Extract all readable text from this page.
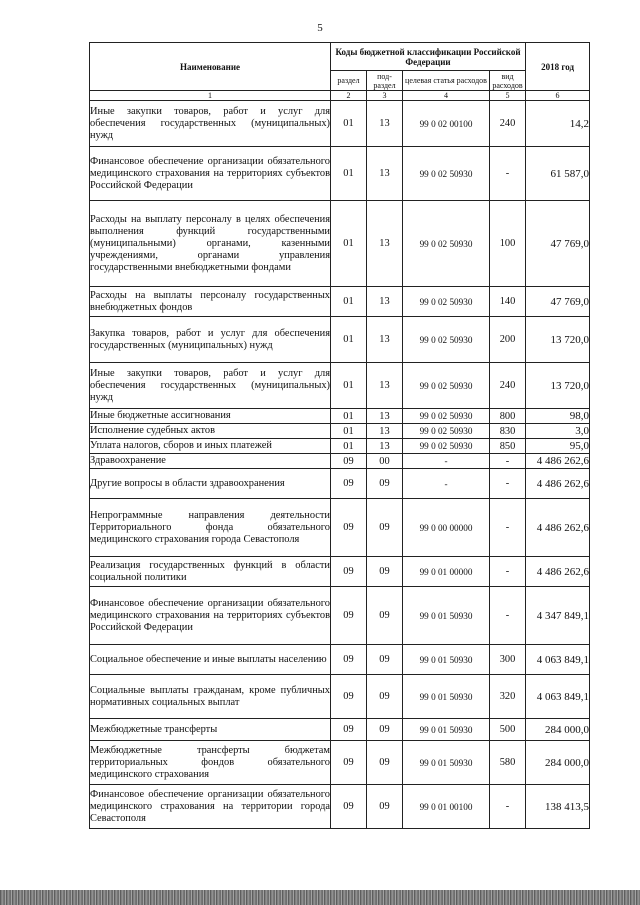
5
Наименование	Коды бюджетной классификации Российской Федерации				2018 год
	раздел	под-раздел	целевая статья расходов	вид расходов	
1	2	3	4	5	6
Иные закупки товаров, работ и услуг для обеспечения государственных (муниципальных) нужд	01	13	99 0 02 00100	240	14,2
Финансовое обеспечение организации обязательного медицинского страхования на территориях субъектов Российской Федерации	01	13	99 0 02 50930	-	61 587,0
Расходы на выплату персоналу в целях обеспечения выполнения функций государственными (муниципальными) органами, казенными учреждениями, органами управления государственными внебюджетными фондами	01	13	99 0 02 50930	100	47 769,0
Расходы на выплаты персоналу государственных внебюджетных фондов	01	13	99 0 02 50930	140	47 769,0
Закупка товаров, работ и услуг для обеспечения государственных (муниципальных) нужд	01	13	99 0 02 50930	200	13 720,0
Иные закупки товаров, работ и услуг для обеспечения государственных (муниципальных) нужд	01	13	99 0 02 50930	240	13 720,0
Иные бюджетные ассигнования	01	13	99 0 02 50930	800	98,0
Исполнение судебных актов	01	13	99 0 02 50930	830	3,0
Уплата налогов, сборов и иных платежей	01	13	99 0 02 50930	850	95,0
Здравоохранение	09	00	-	-	4 486 262,6
Другие вопросы в области здравоохранения	09	09	-	-	4 486 262,6
Непрограммные направления деятельности Территориального фонда обязательного медицинского страхования города Севастополя	09	09	99 0 00 00000	-	4 486 262,6
Реализация государственных функций в области социальной политики	09	09	99 0 01 00000	-	4 486 262,6
Финансовое обеспечение организации обязательного медицинского страхования на территориях субъектов Российской Федерации	09	09	99 0 01 50930	-	4 347 849,1
Социальное обеспечение и иные выплаты населению	09	09	99 0 01 50930	300	4 063 849,1
Социальные выплаты гражданам, кроме публичных нормативных социальных выплат	09	09	99 0 01 50930	320	4 063 849,1
Межбюджетные трансферты	09	09	99 0 01 50930	500	284 000,0
Межбюджетные трансферты бюджетам территориальных фондов обязательного медицинского страхования	09	09	99 0 01 50930	580	284 000,0
Финансовое обеспечение организации обязательного медицинского страхования на территории города Севастополя	09	09	99 0 01 00100	-	138 413,5
